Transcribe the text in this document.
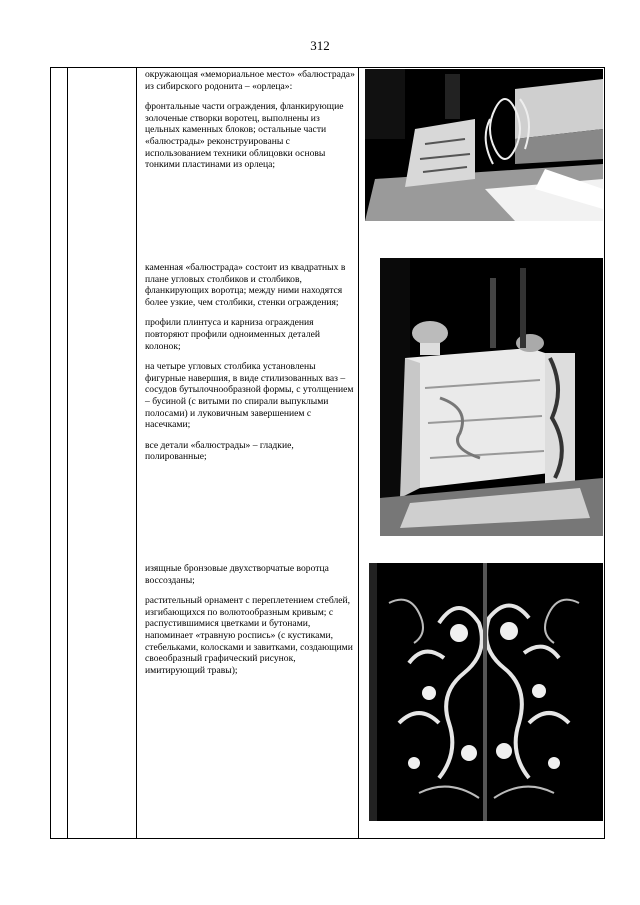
312

окружающая «мемориальное место» «балюстрада» из сибирского родонита – «орлеца»:

фронтальные части ограждения, фланкирующие золоченые створки воротец, выполнены из цельных каменных блоков; остальные части «балюстрады» реконструированы с использованием техники облицовки основы тонкими пластинами из орлеца;

каменная «балюстрада» состоит из квадратных в плане угловых столбиков и столбиков, фланкирующих воротца; между ними находятся более узкие, чем столбики, стенки ограждения;

профили плинтуса и карниза ограждения повторяют профили одноименных деталей колонок;

на четыре угловых столбика установлены фигурные навершия, в виде стилизованных ваз – сосудов бутылочнообразной формы, с утолщением – бусиной (с витыми по спирали выпуклыми полосами) и луковичным завершением с насечками;

все детали «балюстрады» – гладкие, полированные;

изящные бронзовые двухстворчатые воротца воссозданы;

растительный орнамент с переплетением стеблей, изгибающихся по волютообразным кривым; с распустившимися цветками и бутонами, напоминает «травную роспись» (с кустиками, стебельками, колосками и завитками, создающими своеобразный графический рисунок, имитирующий травы);
